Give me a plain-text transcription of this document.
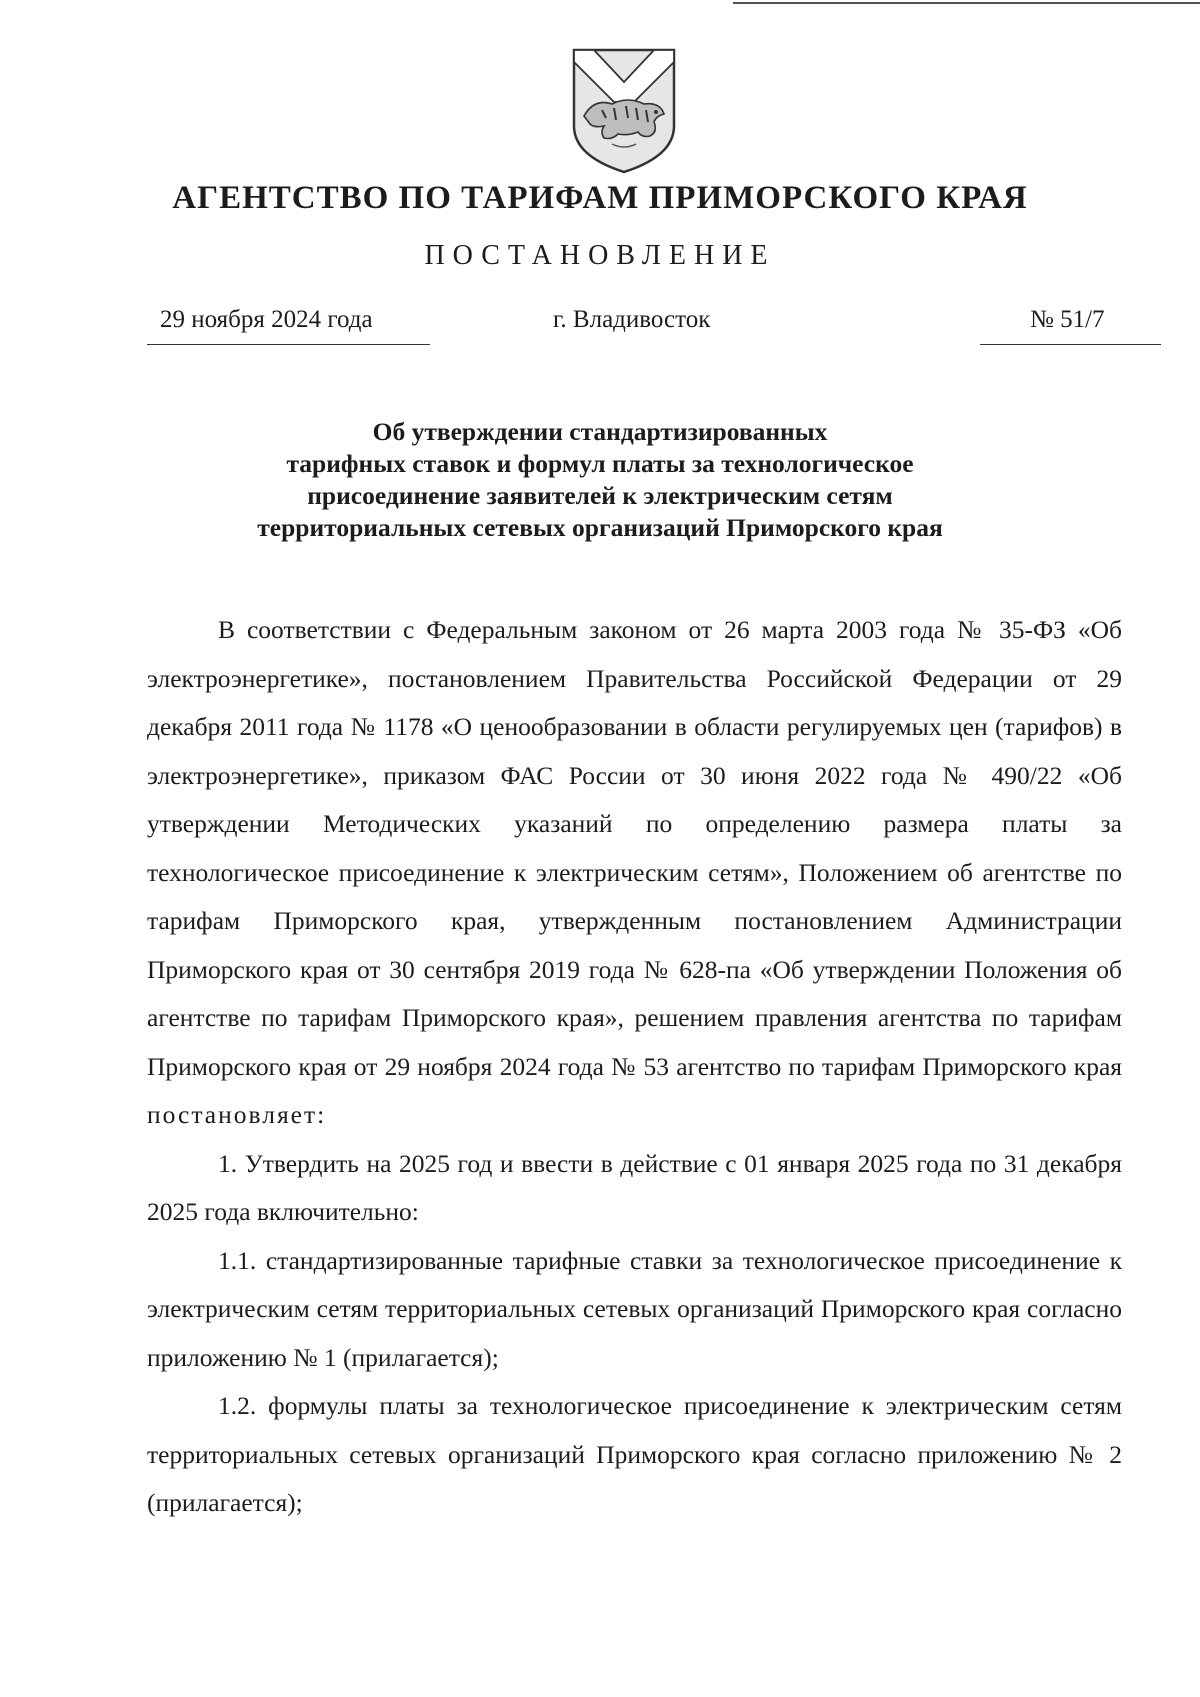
АГЕНТСТВО ПО ТАРИФАМ ПРИМОРСКОГО КРАЯ
ПОСТАНОВЛЕНИЕ
29 ноября 2024 года	г. Владивосток	№ 51/7
Об утверждении стандартизированных
тарифных ставок и формул платы за технологическое
присоединение заявителей к электрическим сетям
территориальных сетевых организаций Приморского края

В соответствии с Федеральным законом от 26 марта 2003 года № 35-ФЗ «Об электроэнергетике», постановлением Правительства Российской Федерации от 29 декабря 2011 года № 1178 «О ценообразовании в области регулируемых цен (тарифов) в электроэнергетике», приказом ФАС России от 30 июня 2022 года № 490/22 «Об утверждении Методических указаний по определению размера платы за технологическое присоединение к электрическим сетям», Положением об агентстве по тарифам Приморского края, утвержденным постановлением Администрации Приморского края от 30 сентября 2019 года № 628-па «Об утверждении Положения об агентстве по тарифам Приморского края», решением правления агентства по тарифам Приморского края от 29 ноября 2024 года № 53 агентство по тарифам Приморского края постановляет:

1. Утвердить на 2025 год и ввести в действие с 01 января 2025 года по 31 декабря 2025 года включительно:

1.1. стандартизированные тарифные ставки за технологическое присоединение к электрическим сетям территориальных сетевых организаций Приморского края согласно приложению № 1 (прилагается);

1.2. формулы платы за технологическое присоединение к электрическим сетям территориальных сетевых организаций Приморского края согласно приложению № 2 (прилагается);
